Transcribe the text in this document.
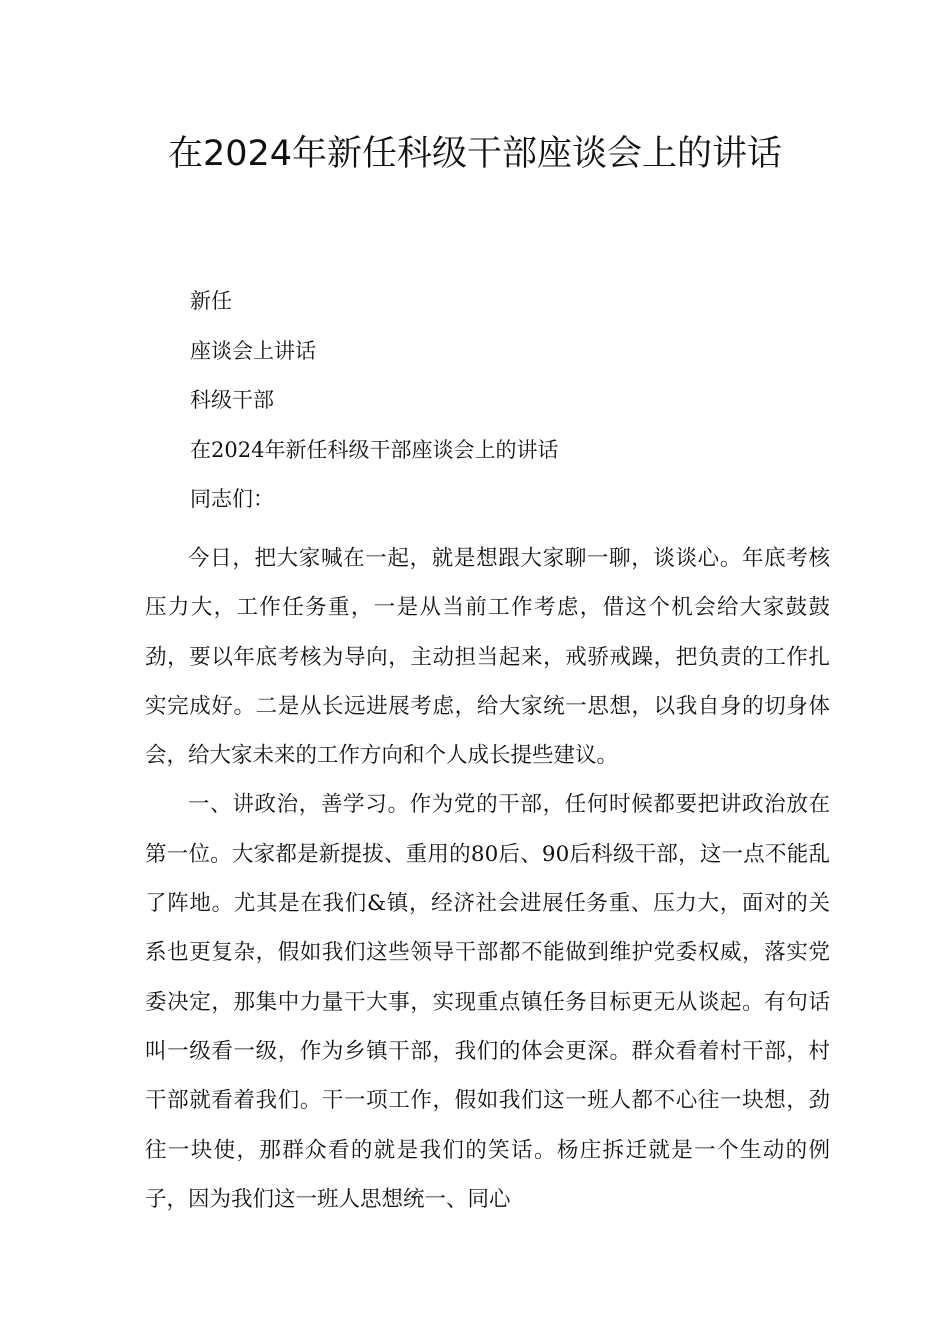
在2024年新任科级干部座谈会上的讲话

新任

座谈会上讲话

科级干部

在2024年新任科级干部座谈会上的讲话

同志们：

今日，把大家喊在一起，就是想跟大家聊一聊，谈谈心。年底考核压力大，工作任务重，一是从当前工作考虑，借这个机会给大家鼓鼓劲，要以年底考核为导向，主动担当起来，戒骄戒躁，把负责的工作扎实完成好。二是从长远进展考虑，给大家统一思想，以我自身的切身体会，给大家未来的工作方向和个人成长提些建议。

一、讲政治，善学习。作为党的干部，任何时候都要把讲政治放在第一位。大家都是新提拔、重用的80后、90后科级干部，这一点不能乱了阵地。尤其是在我们&镇，经济社会进展任务重、压力大，面对的关系也更复杂，假如我们这些领导干部都不能做到维护党委权威，落实党委决定，那集中力量干大事，实现重点镇任务目标更无从谈起。有句话叫一级看一级，作为乡镇干部，我们的体会更深。群众看着村干部，村干部就看着我们。干一项工作，假如我们这一班人都不心往一块想，劲往一块使，那群众看的就是我们的笑话。杨庄拆迁就是一个生动的例子，因为我们这一班人思想统一、同心
